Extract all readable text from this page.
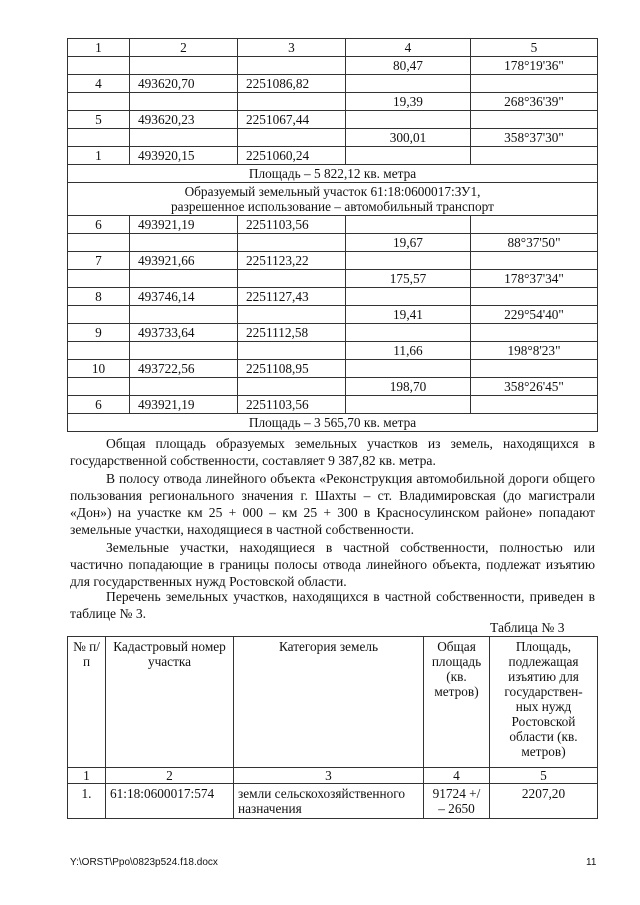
1	2	3	4	5
			80,47	178°19'36"
4	493620,70	2251086,82		
			19,39	268°36'39"
5	493620,23	2251067,44		
			300,01	358°37'30"
1	493920,15	2251060,24		
Площадь – 5 822,12 кв. метра				

Образуемый земельный участок 61:18:0600017:ЗУ1,
разрешенное использование – автомобильный транспорт				

6	493921,19	2251103,56		
			19,67	88°37'50"
7	493921,66	2251123,22		
			175,57	178°37'34"
8	493746,14	2251127,43		
			19,41	229°54'40"
9	493733,64	2251112,58		
			11,66	198°8'23"
10	493722,56	2251108,95		
			198,70	358°26'45"
6	493921,19	2251103,56		
Площадь – 3 565,70 кв. метра				

Общая площадь образуемых земельных участков из земель, находящихся в государственной собственности, составляет 9 387,82 кв. метра.

В полосу отвода линейного объекта «Реконструкция автомобильной дороги общего пользования регионального значения г. Шахты – ст. Владимировская (до магистрали «Дон») на участке км 25 + 000 – км 25 + 300 в Красносулинском районе» попадают земельные участки, находящиеся в частной собственности.

Земельные участки, находящиеся в частной собственности, полностью или частично попадающие в границы полосы отвода линейного объекта, подлежат изъятию для государственных нужд Ростовской области.

Перечень земельных участков, находящихся в частной собственности, приведен в таблице № 3.

Таблица № 3
№ п/п	Кадастровый номер участка	Категория земель	Общая площадь (кв. метров)	Площадь, подлежащая изъятию для государствен-ных нужд Ростовской области (кв. метров)
1	2	3	4	5
1.	61:18:0600017:574	земли сельскохозяйственного назначения	91724 +/ – 2650	2207,20
Y:\ORST\Ppo\0823p524.f18.docx	11
